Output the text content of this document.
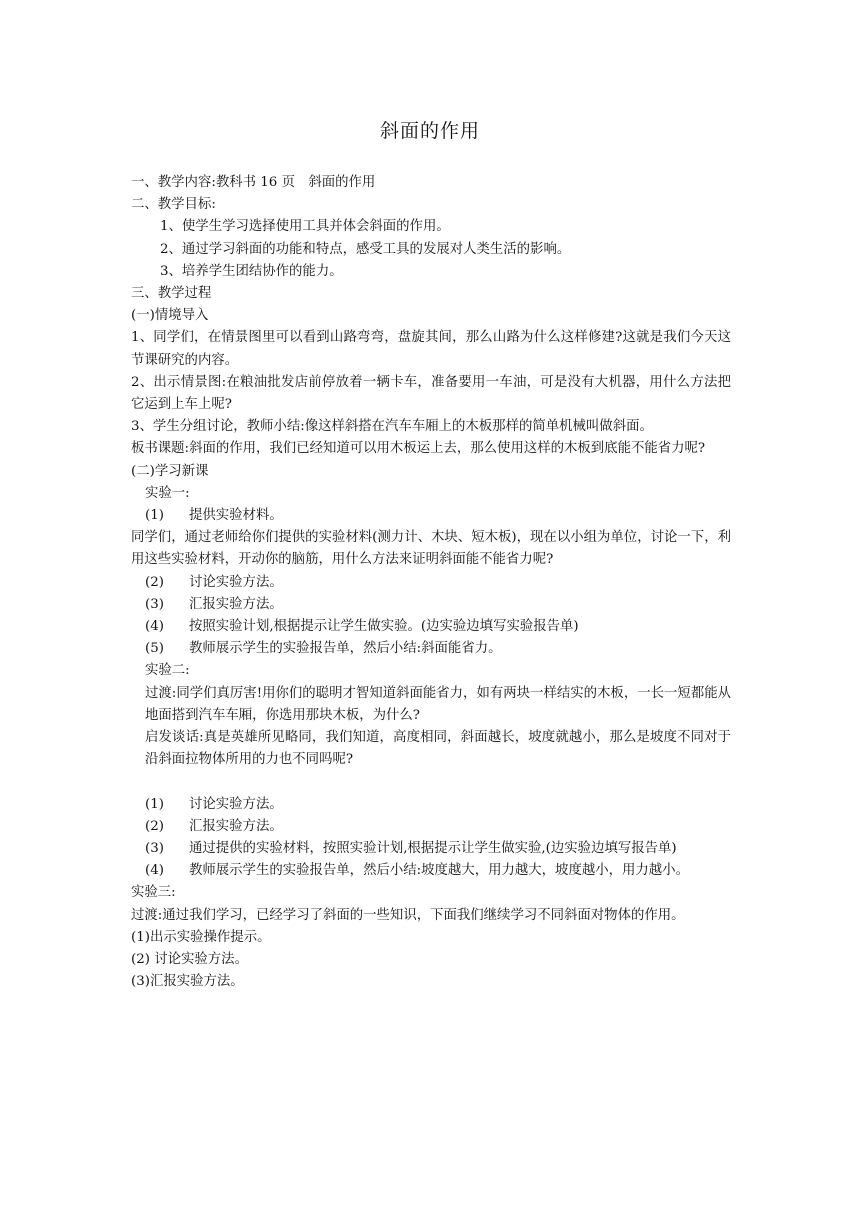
斜面的作用

一、教学内容:教科书 16 页　斜面的作用

二、教学目标:

1、使学生学习选择使用工具并体会斜面的作用。

2、通过学习斜面的功能和特点，感受工具的发展对人类生活的影响。

3、培养学生团结协作的能力。

三、教学过程

(一)情境导入

1、同学们，在情景图里可以看到山路弯弯，盘旋其间，那么山路为什么这样修建?这就是我们今天这节课研究的内容。

2、出示情景图:在粮油批发店前停放着一辆卡车，准备要用一车油，可是没有大机器，用什么方法把它运到上车上呢?

3、学生分组讨论，教师小结:像这样斜搭在汽车车厢上的木板那样的简单机械叫做斜面。

板书课题:斜面的作用，我们已经知道可以用木板运上去，那么使用这样的木板到底能不能省力呢?

(二)学习新课

实验一:

(1)	提供实验材料。

同学们，通过老师给你们提供的实验材料(测力计、木块、短木板)，现在以小组为单位，讨论一下，利用这些实验材料，开动你的脑筋，用什么方法来证明斜面能不能省力呢?

(2)	讨论实验方法。
(3)	汇报实验方法。
(4)	按照实验计划,根据提示让学生做实验。(边实验边填写实验报告单)
(5)	教师展示学生的实验报告单，然后小结:斜面能省力。

实验二:

过渡:同学们真厉害!用你们的聪明才智知道斜面能省力，如有两块一样结实的木板，一长一短都能从地面搭到汽车车厢，你选用那块木板，为什么?

启发谈话:真是英雄所见略同，我们知道，高度相同，斜面越长，坡度就越小，那么是坡度不同对于沿斜面拉物体所用的力也不同吗呢?

(1)	讨论实验方法。
(2)	汇报实验方法。

(3) 通过提供的实验材料，按照实验计划,根据提示让学生做实验,(边实验边填写报告单)

(4) 教师展示学生的实验报告单，然后小结:坡度越大，用力越大，坡度越小，用力越小。

实验三:

过渡:通过我们学习，已经学习了斜面的一些知识，下面我们继续学习不同斜面对物体的作用。

(1)出示实验操作提示。

(2) 讨论实验方法。

(3)汇报实验方法。
